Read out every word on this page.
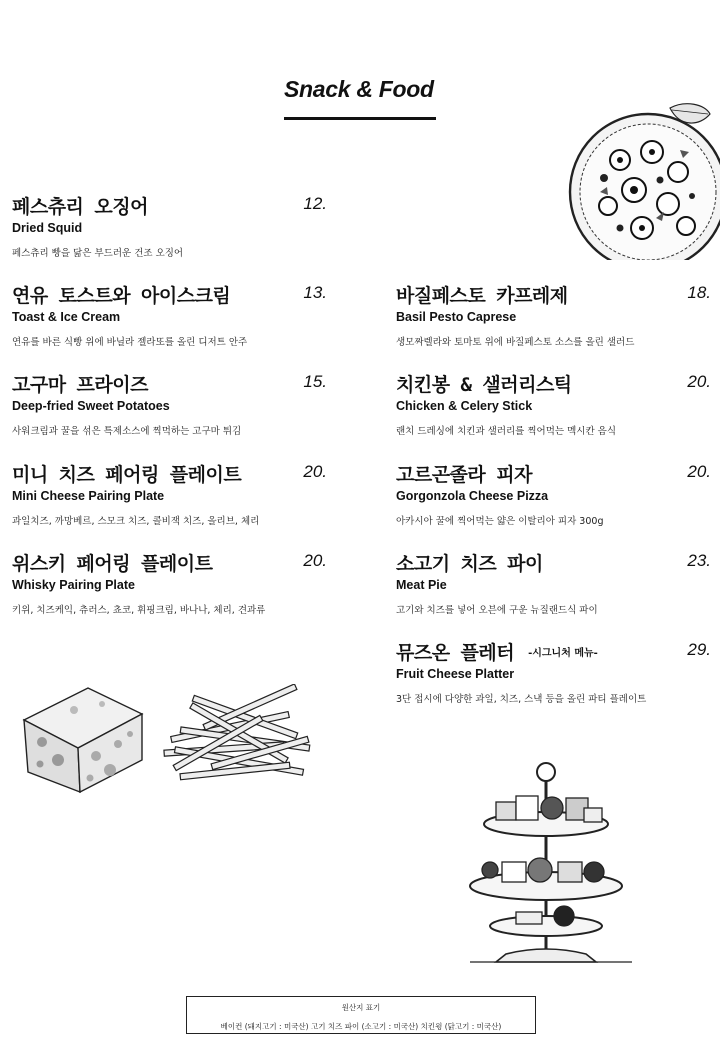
Snack & Food
페스츄리 오징어	12.
Dried Squid
페스츄리 빵을 닮은 부드러운 건조 오징어
연유 토스트와 아이스크림	13.
Toast & Ice Cream
연유를 바른 식빵 위에 바닐라 젤라또를 올린 디저트 안주
고구마 프라이즈	15.
Deep-fried Sweet Potatoes
사워크림과 꿀을 섞은 특제소스에 찍먹하는 고구마 튀김
미니 치즈 페어링 플레이트	20.
Mini Cheese Pairing Plate
과일치즈, 까망베르, 스모크 치즈, 콜비잭 치즈, 올리브, 체리
위스키 페어링 플레이트	20.
Whisky Pairing Plate
키위, 치즈케익, 츄러스, 쵸코, 휘핑크림, 바나나, 체리, 견과류
바질페스토 카프레제	18.
Basil Pesto Caprese
생모짜렐라와 토마토 위에 바질페스토 소스를 올린 샐러드
치킨봉 & 샐러리스틱	20.
Chicken & Celery Stick
랜치 드레싱에 치킨과 샐러리를 찍어먹는 멕시칸 음식
고르곤졸라 피자	20.
Gorgonzola Cheese Pizza
아카시아 꿀에 찍어먹는 얇은 이탈리아 피자 300g
소고기 치즈 파이	23.
Meat Pie
고기와 치즈를 넣어 오븐에 구운 뉴질랜드식 파이
뮤즈온 플레터 -시그니처 메뉴-	29.
Fruit Cheese Platter
3단 접시에 다양한 과일, 치즈, 스낵 등을 올린 파티 플레이트
원산지 표기
베이컨 (돼지고기 : 미국산) 고기 치즈 파이 (소고기 : 미국산) 치킨윙 (닭고기 : 미국산)
